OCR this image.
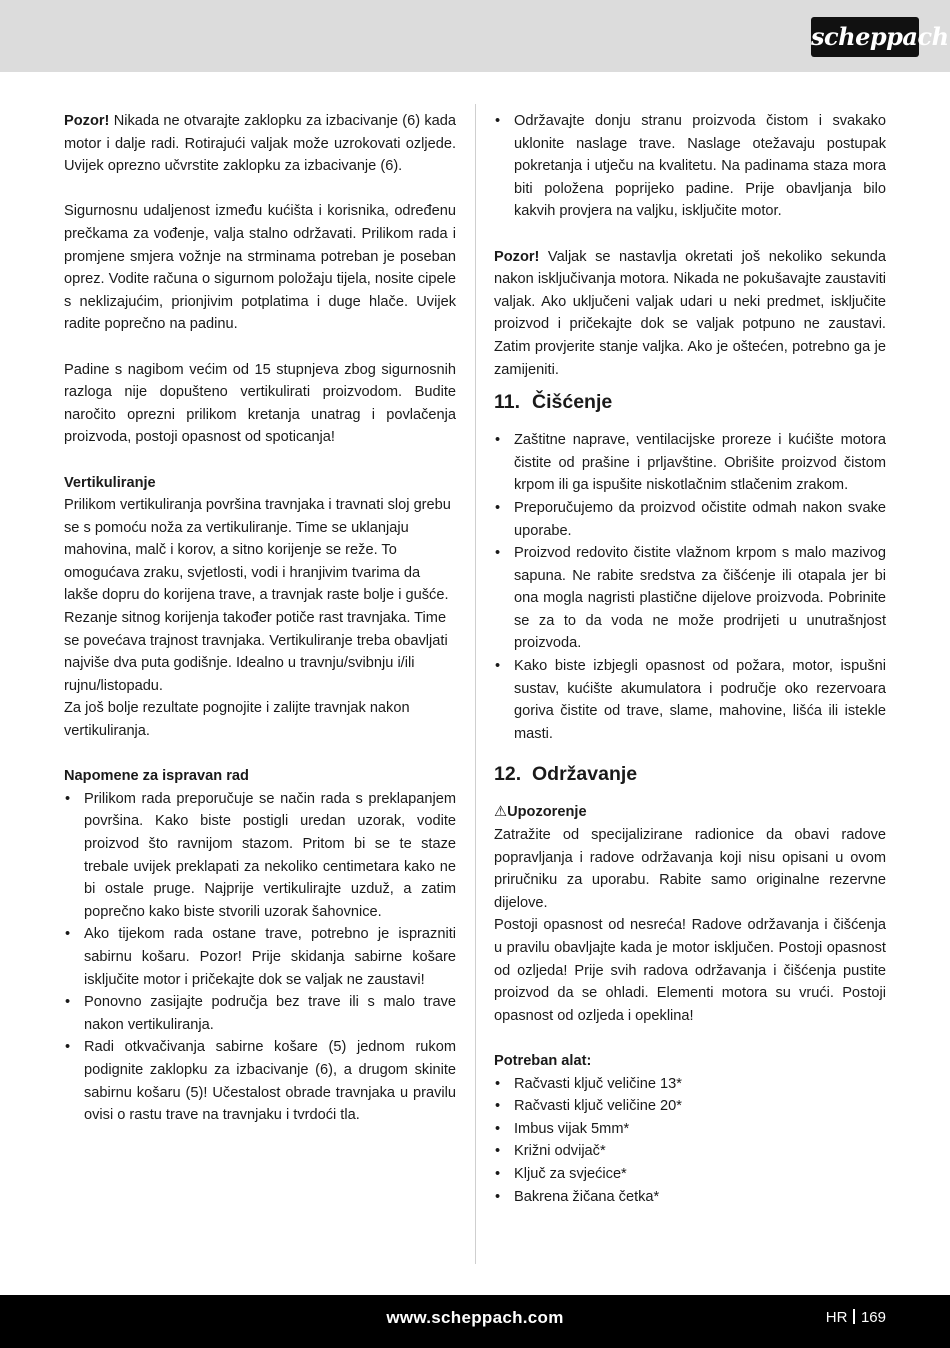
scheppach

Pozor! Nikada ne otvarajte zaklopku za izbacivanje (6) kada motor i dalje radi. Rotirajući valjak može uzrokovati ozljede. Uvijek oprezno učvrstite zaklopku za izbacivanje (6).

Sigurnosnu udaljenost između kućišta i korisnika, određenu prečkama za vođenje, valja stalno održavati. Prilikom rada i promjene smjera vožnje na strminama potreban je poseban oprez. Vodite računa o sigurnom položaju tijela, nosite cipele s neklizajućim, prionjivim potplatima i duge hlače. Uvijek radite poprečno na padinu.

Padine s nagibom većim od 15 stupnjeva zbog sigurnosnih razloga nije dopušteno vertikulirati proizvodom. Budite naročito oprezni prilikom kretanja unatrag i povlačenja proizvoda, postoji opasnost od spoticanja!

Vertikuliranje

Prilikom vertikuliranja površina travnjaka i travnati sloj grebu se s pomoću noža za vertikuliranje. Time se uklanjaju mahovina, malč i korov, a sitno korijenje se reže. To omogućava zraku, svjetlosti, vodi i hranjivim tvarima da lakše dopru do korijena trave, a travnjak raste bolje i gušće. Rezanje sitnog korijenja također potiče rast travnjaka. Time se povećava trajnost travnjaka. Vertikuliranje treba obavljati najviše dva puta godišnje. Idealno u travnju/svibnju i/ili rujnu/listopadu.

Za još bolje rezultate pognojite i zalijte travnjak nakon vertikuliranja.

Napomene za ispravan rad

• Prilikom rada preporučuje se način rada s preklapanjem površina. Kako biste postigli uredan uzorak, vodite proizvod što ravnijom stazom. Pritom bi se te staze trebale uvijek preklapati za nekoliko centimetara kako ne bi ostale pruge. Najprije vertikulirajte uzduž, a zatim poprečno kako biste stvorili uzorak šahovnice.
• Ako tijekom rada ostane trave, potrebno je isprazniti sabirnu košaru. Pozor! Prije skidanja sabirne košare isključite motor i pričekajte dok se valjak ne zaustavi!
• Ponovno zasijajte područja bez trave ili s malo trave nakon vertikuliranja.
• Radi otkvačivanja sabirne košare (5) jednom rukom podignite zaklopku za izbacivanje (6), a drugom skinite sabirnu košaru (5)! Učestalost obrade travnjaka u pravilu ovisi o rastu trave na travnjaku i tvrdoći tla.
• Održavajte donju stranu proizvoda čistom i svakako uklonite naslage trave. Naslage otežavaju postupak pokretanja i utječu na kvalitetu. Na padinama staza mora biti položena poprijeko padine. Prije obavljanja bilo kakvih provjera na valjku, isključite motor.

Pozor! Valjak se nastavlja okretati još nekoliko sekunda nakon isključivanja motora. Nikada ne pokušavajte zaustaviti valjak. Ako uključeni valjak udari u neki predmet, isključite proizvod i pričekajte dok se valjak potpuno ne zaustavi. Zatim provjerite stanje valjka. Ako je oštećen, potrebno ga je zamijeniti.

11. Čišćenje
• Zaštitne naprave, ventilacijske proreze i kućište motora čistite od prašine i prljavštine. Obrišite proizvod čistom krpom ili ga ispušite niskotlačnim stlačenim zrakom.
• Preporučujemo da proizvod očistite odmah nakon svake uporabe.
• Proizvod redovito čistite vlažnom krpom s malo mazivog sapuna. Ne rabite sredstva za čišćenje ili otapala jer bi ona mogla nagristi plastične dijelove proizvoda. Pobrinite se za to da voda ne može prodrijeti u unutrašnjost proizvoda.
• Kako biste izbjegli opasnost od požara, motor, ispušni sustav, kućište akumulatora i područje oko rezervoara goriva čistite od trave, slame, mahovine, lišća ili istekle masti.
12. Održavanje

⚠Upozorenje

Zatražite od specijalizirane radionice da obavi radove popravljanja i radove održavanja koji nisu opisani u ovom priručniku za uporabu. Rabite samo originalne rezervne dijelove.

Postoji opasnost od nesreća! Radove održavanja i čišćenja u pravilu obavljajte kada je motor isključen. Postoji opasnost od ozljeda! Prije svih radova održavanja i čišćenja pustite proizvod da se ohladi. Elementi motora su vrući. Postoji opasnost od ozljeda i opeklina!

Potreban alat:

• Račvasti ključ veličine 13*
• Račvasti ključ veličine 20*
• Imbus vijak 5mm*
• Križni odvijač*
• Ključ za svjećice*
• Bakrena žičana četka*
www.scheppach.com	HR 169
